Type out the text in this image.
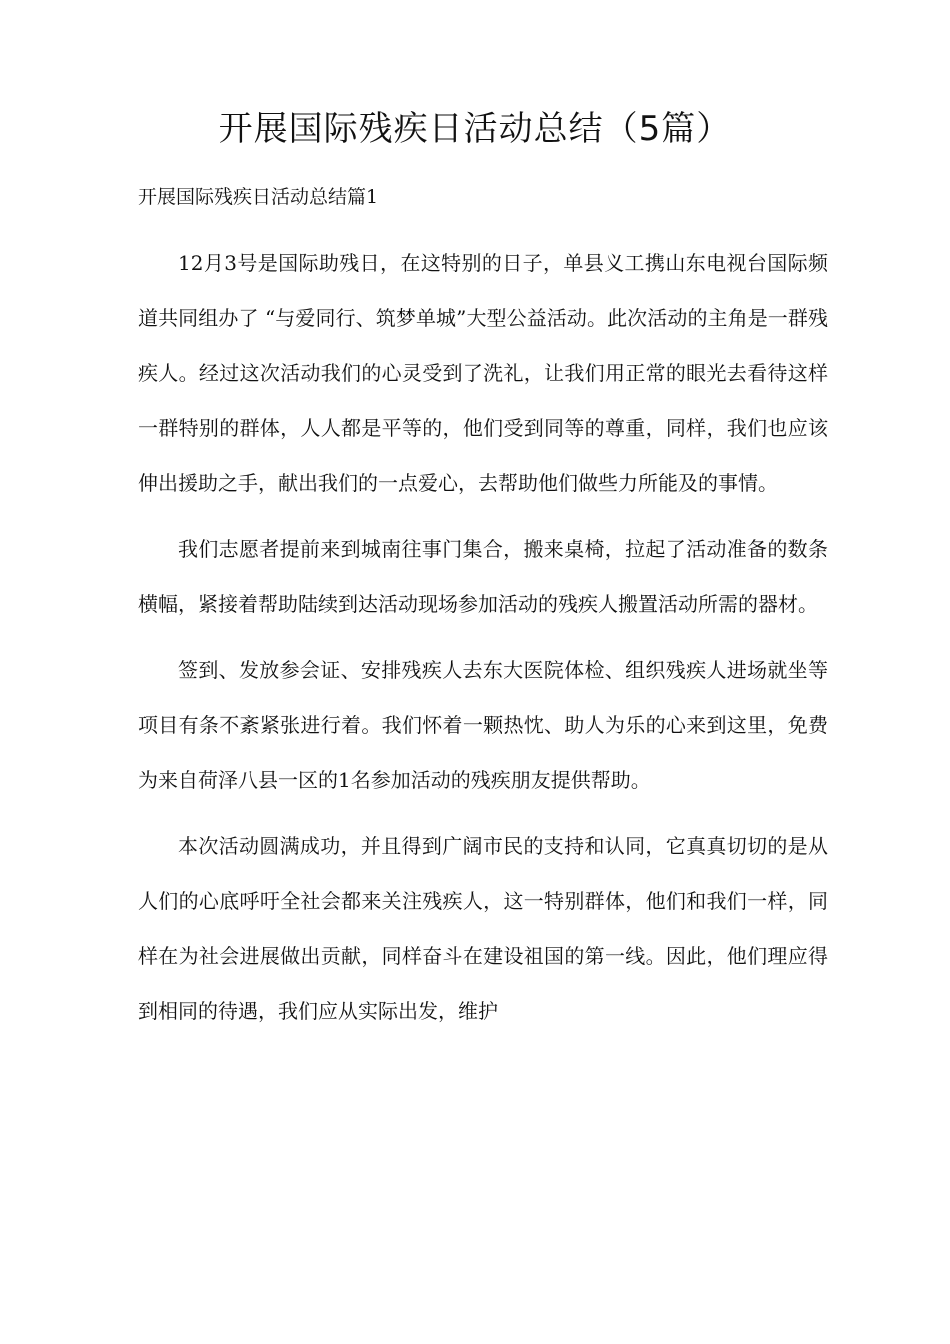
开展国际残疾日活动总结（5篇）

开展国际残疾日活动总结篇1

12月3号是国际助残日，在这特别的日子，单县义工携山东电视台国际频道共同组办了 “与爱同行、筑梦单城”大型公益活动。此次活动的主角是一群残疾人。经过这次活动我们的心灵受到了洗礼，让我们用正常的眼光去看待这样一群特别的群体，人人都是平等的，他们受到同等的尊重，同样，我们也应该伸出援助之手，献出我们的一点爱心，去帮助他们做些力所能及的事情。

我们志愿者提前来到城南往事门集合，搬来桌椅，拉起了活动准备的数条横幅，紧接着帮助陆续到达活动现场参加活动的残疾人搬置活动所需的器材。

签到、发放参会证、安排残疾人去东大医院体检、组织残疾人进场就坐等项目有条不紊紧张进行着。我们怀着一颗热忱、助人为乐的心来到这里，免费为来自荷泽八县一区的1名参加活动的残疾朋友提供帮助。

本次活动圆满成功，并且得到广阔市民的支持和认同，它真真切切的是从人们的心底呼吁全社会都来关注残疾人，这一特别群体，他们和我们一样，同样在为社会进展做出贡献，同样奋斗在建设祖国的第一线。因此，他们理应得到相同的待遇，我们应从实际出发，维护
